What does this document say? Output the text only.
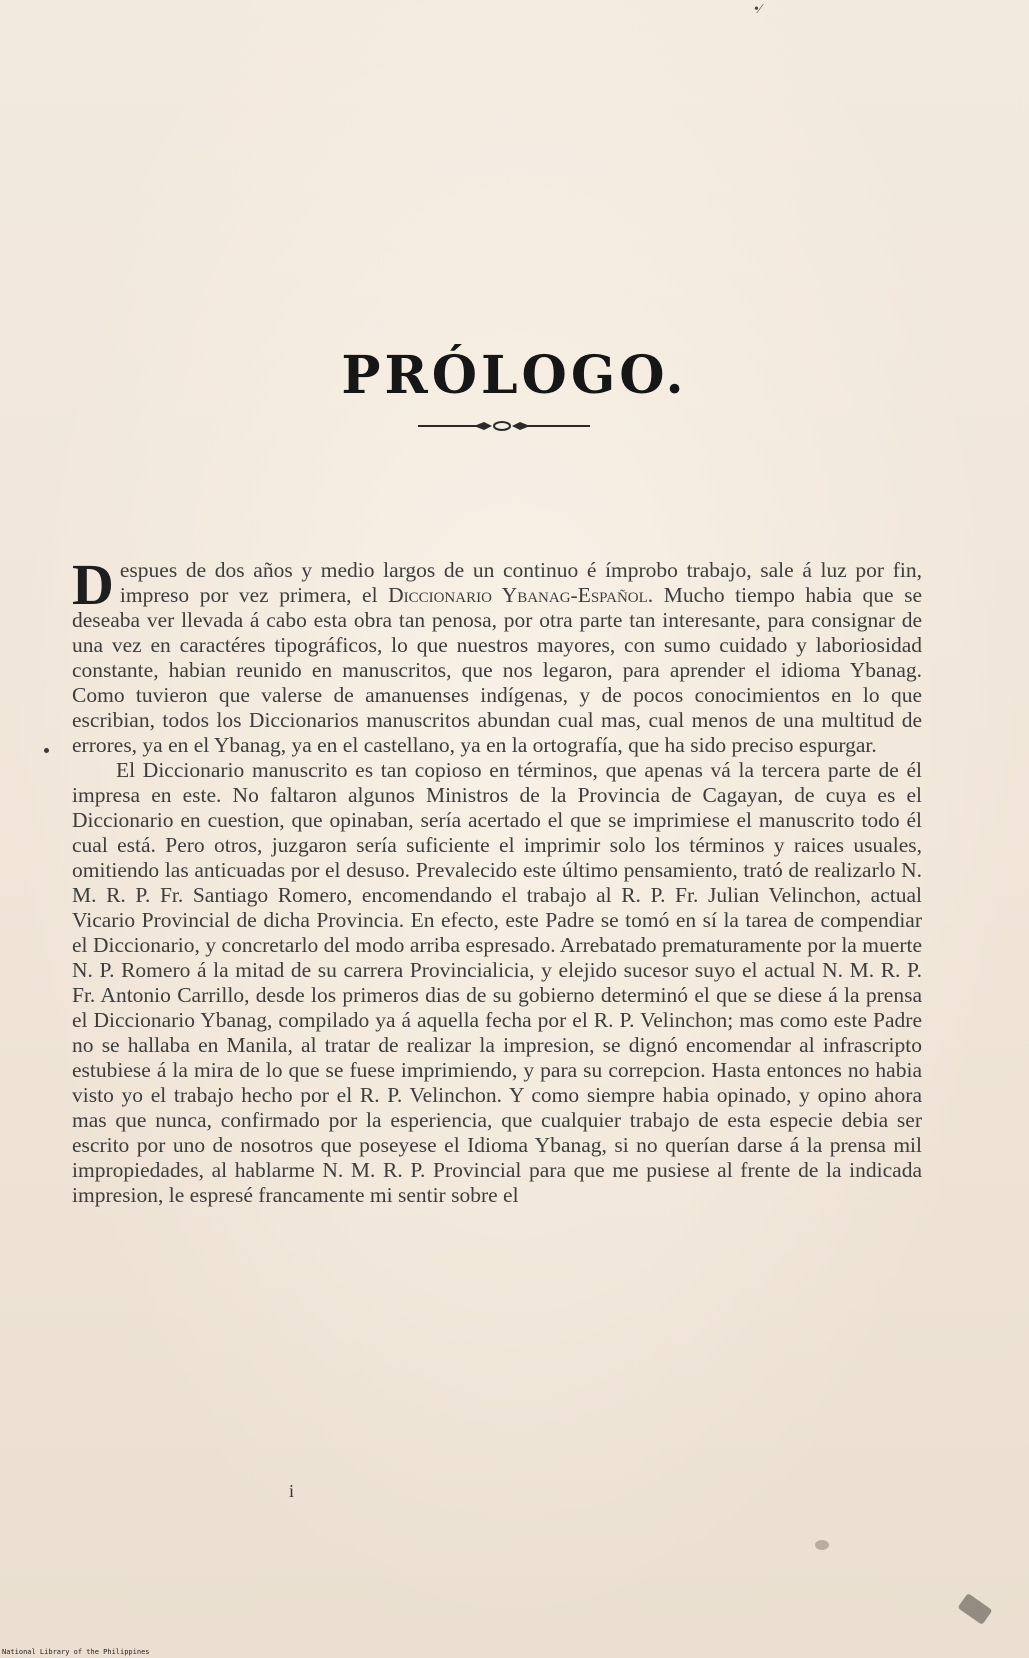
•⁄
PRÓLOGO.

Despues de dos años y medio largos de un continuo é ímprobo trabajo, sale á luz por fin, impreso por vez primera, el Diccionario Ybanag-Español. Mucho tiempo habia que se deseaba ver llevada á cabo esta obra tan penosa, por otra parte tan interesante, para consignar de una vez en caractéres tipográficos, lo que nuestros mayores, con sumo cuidado y laboriosidad constante, habian reunido en manuscritos, que nos legaron, para aprender el idioma Ybanag. Como tuvieron que valerse de amanuenses indígenas, y de pocos conocimientos en lo que escribian, todos los Diccionarios manuscritos abundan cual mas, cual menos de una multitud de errores, ya en el Ybanag, ya en el castellano, ya en la ortografía, que ha sido preciso espurgar.

El Diccionario manuscrito es tan copioso en términos, que apenas vá la tercera parte de él impresa en este. No faltaron algunos Ministros de la Provincia de Cagayan, de cuya es el Diccionario en cuestion, que opinaban, sería acertado el que se imprimiese el manuscrito todo él cual está. Pero otros, juzgaron sería suficiente el imprimir solo los términos y raices usuales, omitiendo las anticuadas por el desuso. Prevalecido este último pensamiento, trató de realizarlo N. M. R. P. Fr. Santiago Romero, encomendando el trabajo al R. P. Fr. Julian Velinchon, actual Vicario Provincial de dicha Provincia. En efecto, este Padre se tomó en sí la tarea de compendiar el Diccionario, y concretarlo del modo arriba espresado. Arrebatado prematuramente por la muerte N. P. Romero á la mitad de su carrera Provincialicia, y elejido sucesor suyo el actual N. M. R. P. Fr. Antonio Carrillo, desde los primeros dias de su gobierno determinó el que se diese á la prensa el Diccionario Ybanag, compilado ya á aquella fecha por el R. P. Velinchon; mas como este Padre no se hallaba en Manila, al tratar de realizar la impresion, se dignó encomendar al infrascripto estubiese á la mira de lo que se fuese imprimiendo, y para su correpcion. Hasta entonces no habia visto yo el trabajo hecho por el R. P. Velinchon. Y como siempre habia opinado, y opino ahora mas que nunca, confirmado por la esperiencia, que cualquier trabajo de esta especie debia ser escrito por uno de nosotros que poseyese el Idioma Ybanag, si no querían darse á la prensa mil impropiedades, al hablarme N. M. R. P. Provincial para que me pusiese al frente de la indicada impresion, le espresé francamente mi sentir sobre el

i
National Library of the Philippines
